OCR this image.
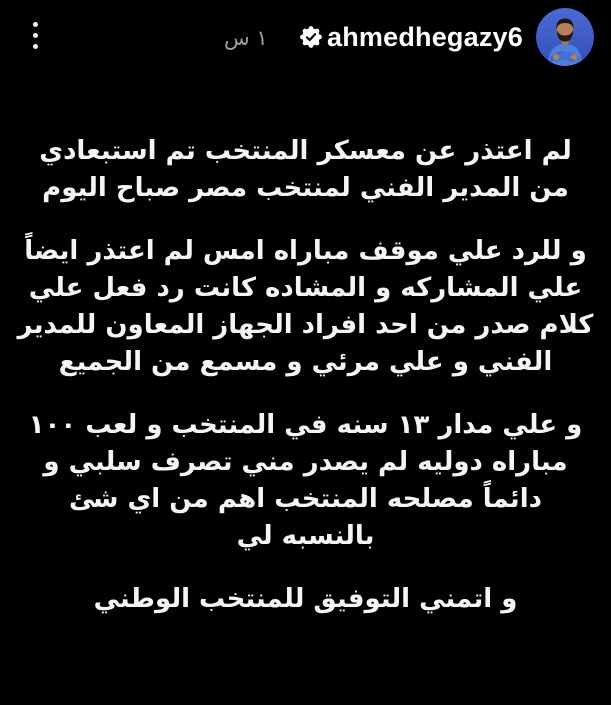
١ س ahmedhegazy6

لم اعتذر عن معسكر المنتخب تم استبعادي

من المدير الفني لمنتخب مصر صباح اليوم

و للرد علي موقف مباراه امس لم اعتذر ايضاً

علي المشاركه و المشاده كانت رد فعل علي

كلام صدر من احد افراد الجهاز المعاون للمدير

الفني و علي مرئي و مسمع من الجميع

و علي مدار ١٣ سنه في المنتخب و لعب ١٠٠

مباراه دوليه لم يصدر مني تصرف سلبي و

دائماً مصلحه المنتخب اهم من اي شئ

بالنسبه لي

و اتمني التوفيق للمنتخب الوطني
